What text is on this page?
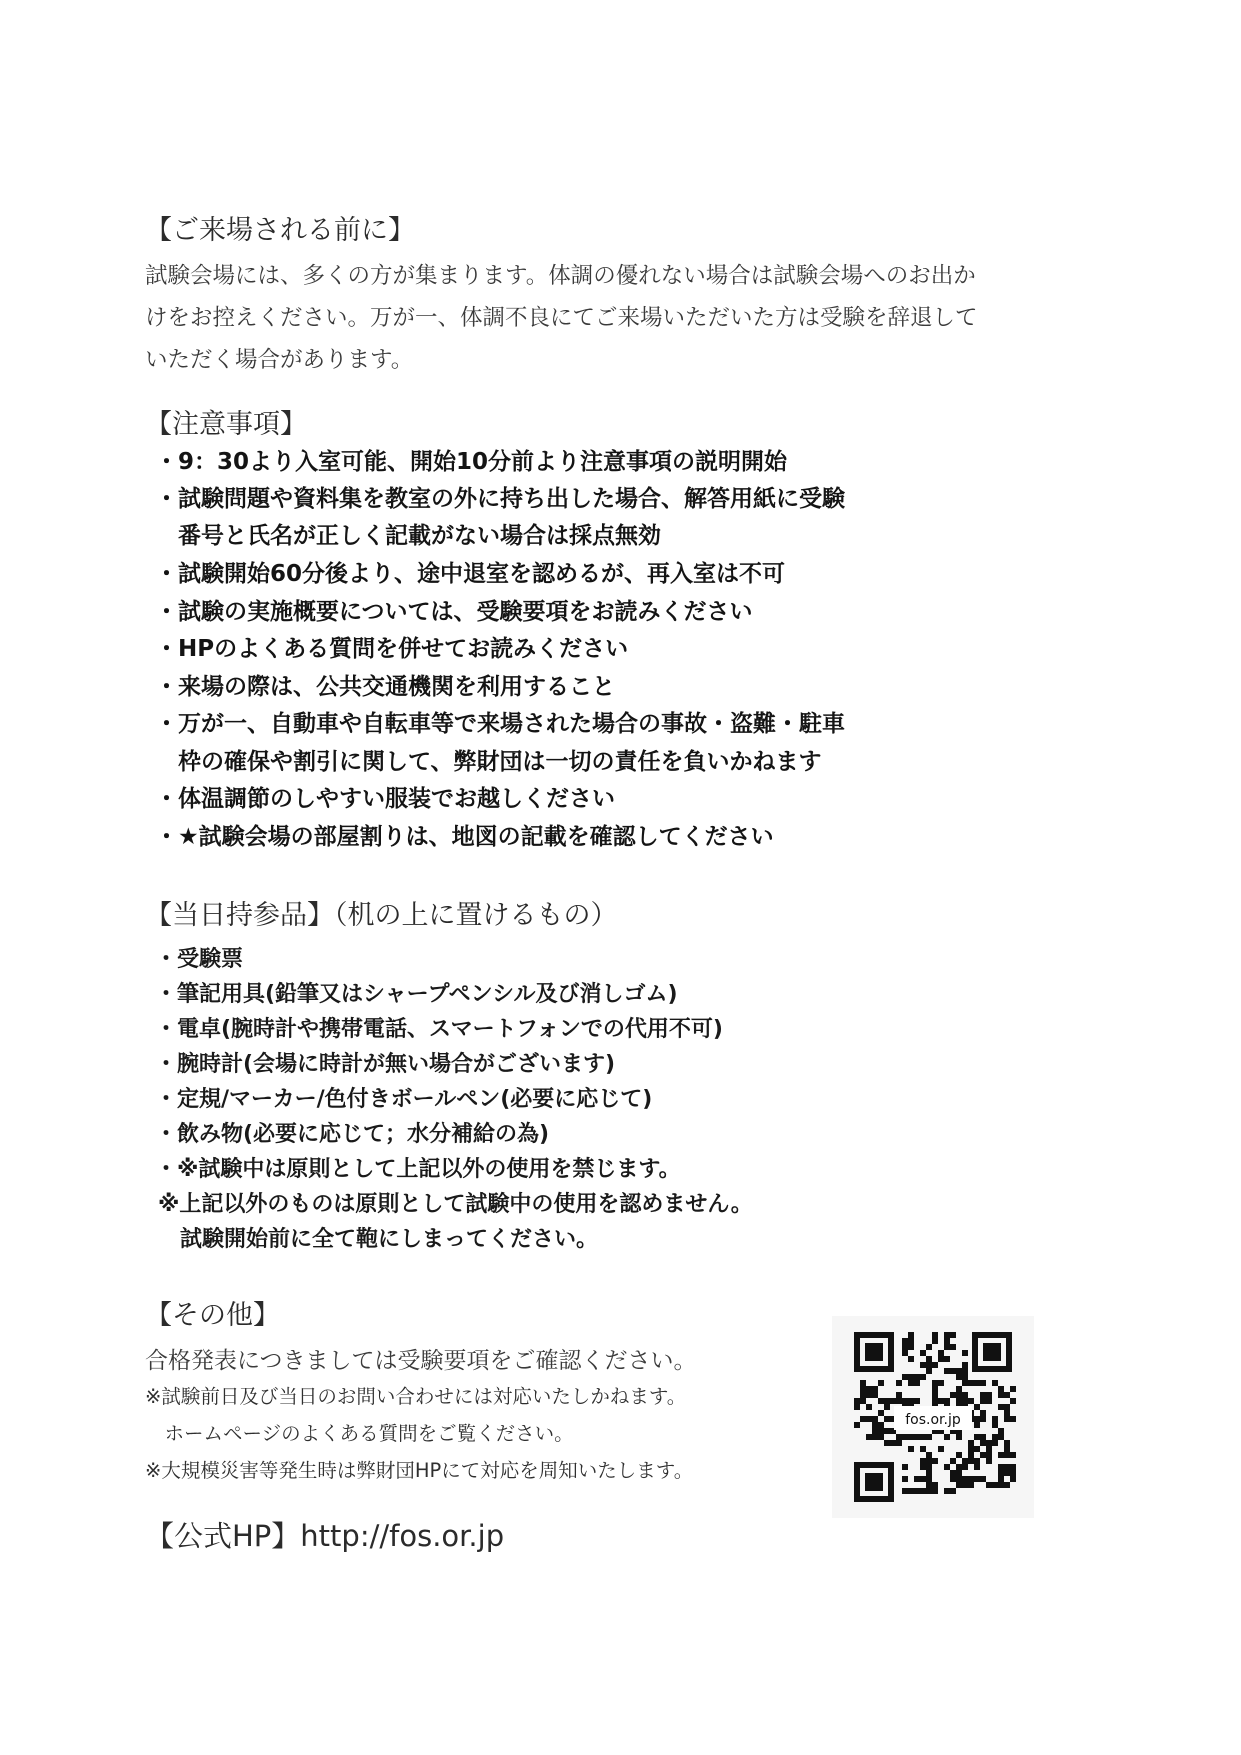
【ご来場される前に】
試験会場には、多くの方が集まります。体調の優れない場合は試験会場へのお出か
けをお控えください。万が一、体調不良にてご来場いただいた方は受験を辞退して
いただく場合があります。
【注意事項】
・9：30より入室可能、開始10分前より注意事項の説明開始
・試験問題や資料集を教室の外に持ち出した場合、解答用紙に受験
　番号と氏名が正しく記載がない場合は採点無効
・試験開始60分後より、途中退室を認めるが、再入室は不可
・試験の実施概要については、受験要項をお読みください
・HPのよくある質問を併せてお読みください
・来場の際は、公共交通機関を利用すること
・万が一、自動車や自転車等で来場された場合の事故・盗難・駐車
　枠の確保や割引に関して、弊財団は一切の責任を負いかねます
・体温調節のしやすい服装でお越しください
・★試験会場の部屋割りは、地図の記載を確認してください
【当日持参品】（机の上に置けるもの）
・受験票
・筆記用具(鉛筆又はシャープペンシル及び消しゴム)
・電卓(腕時計や携帯電話、スマートフォンでの代用不可)
・腕時計(会場に時計が無い場合がございます)
・定規/マーカー/色付きボールペン(必要に応じて)
・飲み物(必要に応じて；水分補給の為)
・※試験中は原則として上記以外の使用を禁じます。
※上記以外のものは原則として試験中の使用を認めません。
　試験開始前に全て鞄にしまってください。
【その他】
合格発表につきましては受験要項をご確認ください。
※試験前日及び当日のお問い合わせには対応いたしかねます。
　ホームページのよくある質問をご覧ください。
※大規模災害等発生時は弊財団HPにて対応を周知いたします。
fos.or.jp
【公式HP】http://fos.or.jp
